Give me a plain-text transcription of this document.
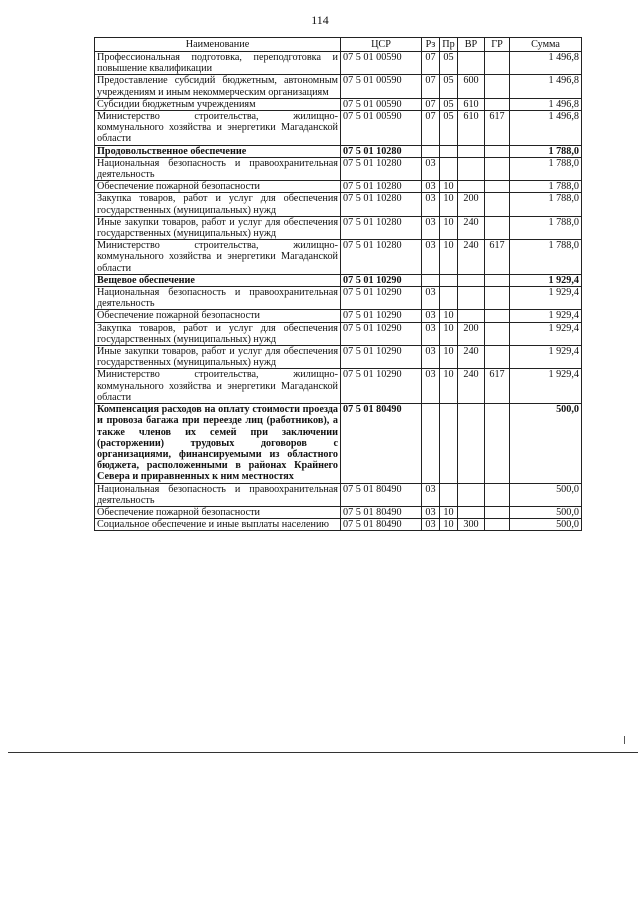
114
Наименование	ЦСР	Рз	Пр	ВР	ГР	Сумма
Профессиональная подготовка, переподготовка и повышение квалификации	07 5 01 00590	07	05			1 496,8
Предоставление субсидий бюджетным, автономным учреждениям и иным некоммерческим организациям	07 5 01 00590	07	05	600		1 496,8
Субсидии бюджетным учреждениям	07 5 01 00590	07	05	610		1 496,8
Министерство строительства, жилищно-коммунального хозяйства и энергетики Магаданской области	07 5 01 00590	07	05	610	617	1 496,8
Продовольственное обеспечение	07 5 01 10280					1 788,0
Национальная безопасность и правоохранительная деятельность	07 5 01 10280	03				1 788,0
Обеспечение пожарной безопасности	07 5 01 10280	03	10			1 788,0
Закупка товаров, работ и услуг для обеспечения государственных (муниципальных) нужд	07 5 01 10280	03	10	200		1 788,0
Иные закупки товаров, работ и услуг для обеспечения государственных (муниципальных) нужд	07 5 01 10280	03	10	240		1 788,0
Министерство строительства, жилищно-коммунального хозяйства и энергетики Магаданской области	07 5 01 10280	03	10	240	617	1 788,0
Вещевое обеспечение	07 5 01 10290					1 929,4
Национальная безопасность и правоохранительная деятельность	07 5 01 10290	03				1 929,4
Обеспечение пожарной безопасности	07 5 01 10290	03	10			1 929,4
Закупка товаров, работ и услуг для обеспечения государственных (муниципальных) нужд	07 5 01 10290	03	10	200		1 929,4
Иные закупки товаров, работ и услуг для обеспечения государственных (муниципальных) нужд	07 5 01 10290	03	10	240		1 929,4
Министерство строительства, жилищно-коммунального хозяйства и энергетики Магаданской области	07 5 01 10290	03	10	240	617	1 929,4
Компенсация расходов на оплату стоимости проезда и провоза багажа при переезде лиц (работников), а также членов их семей при заключении (расторжении) трудовых договоров с организациями, финансируемыми из областного бюджета, расположенными в районах Крайнего Севера и приравненных к ним местностях	07 5 01 80490					500,0
Национальная безопасность и правоохранительная деятельность	07 5 01 80490	03				500,0
Обеспечение пожарной безопасности	07 5 01 80490	03	10			500,0
Социальное обеспечение и иные выплаты населению	07 5 01 80490	03	10	300		500,0
